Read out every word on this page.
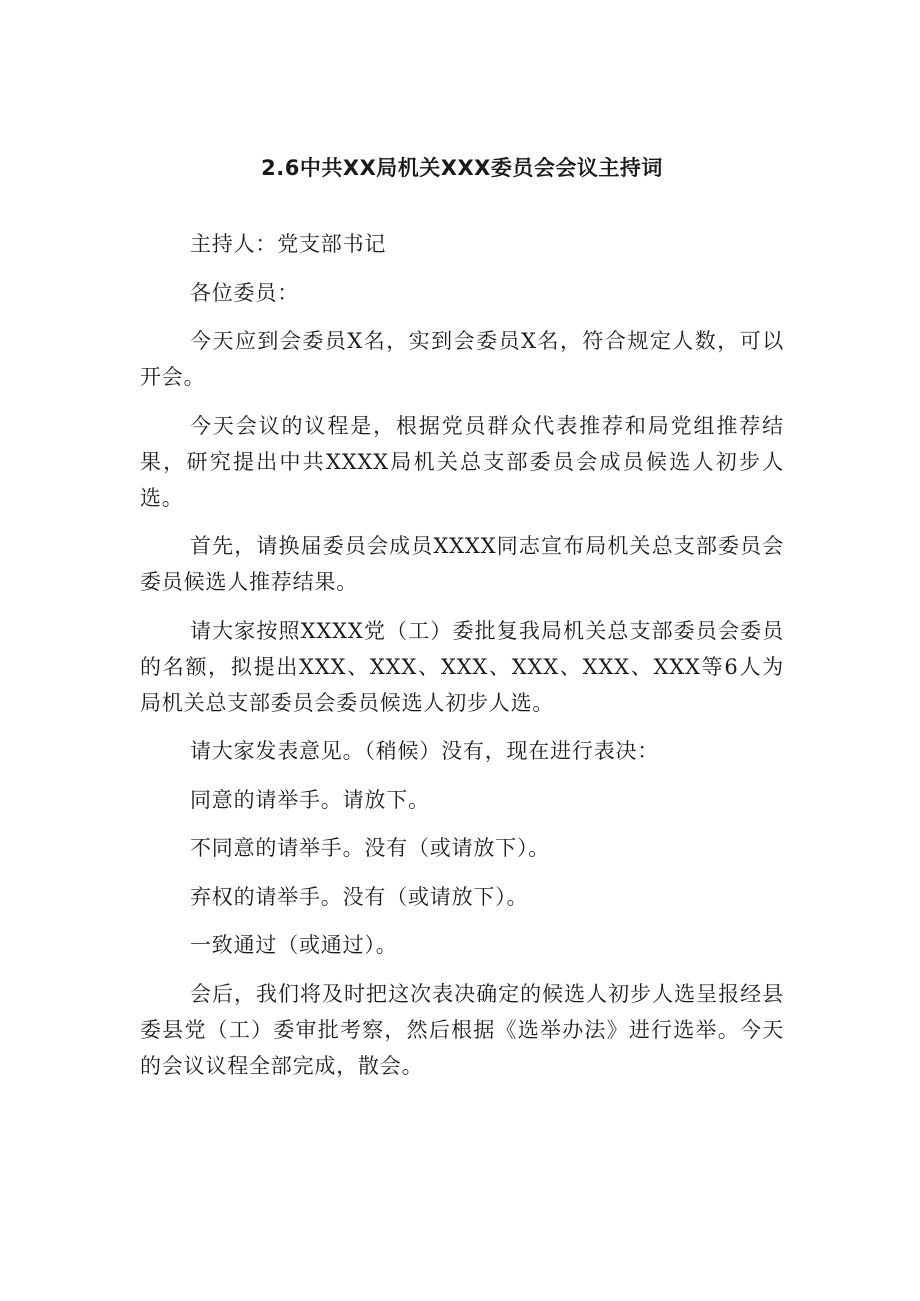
2.6中共XX局机关XXX委员会会议主持词

主持人：党支部书记

各位委员：

今天应到会委员X名，实到会委员X名，符合规定人数，可以开会。

今天会议的议程是，根据党员群众代表推荐和局党组推荐结果，研究提出中共XXXX局机关总支部委员会成员候选人初步人选。

首先，请换届委员会成员XXXX同志宣布局机关总支部委员会委员候选人推荐结果。

请大家按照XXXX党（工）委批复我局机关总支部委员会委员的名额，拟提出XXX、XXX、XXX、XXX、XXX、XXX等6人为局机关总支部委员会委员候选人初步人选。

请大家发表意见。（稍候）没有，现在进行表决：

同意的请举手。请放下。

不同意的请举手。没有（或请放下）。

弃权的请举手。没有（或请放下）。

一致通过（或通过）。

会后，我们将及时把这次表决确定的候选人初步人选呈报经县委县党（工）委审批考察，然后根据《选举办法》进行选举。今天的会议议程全部完成，散会。
